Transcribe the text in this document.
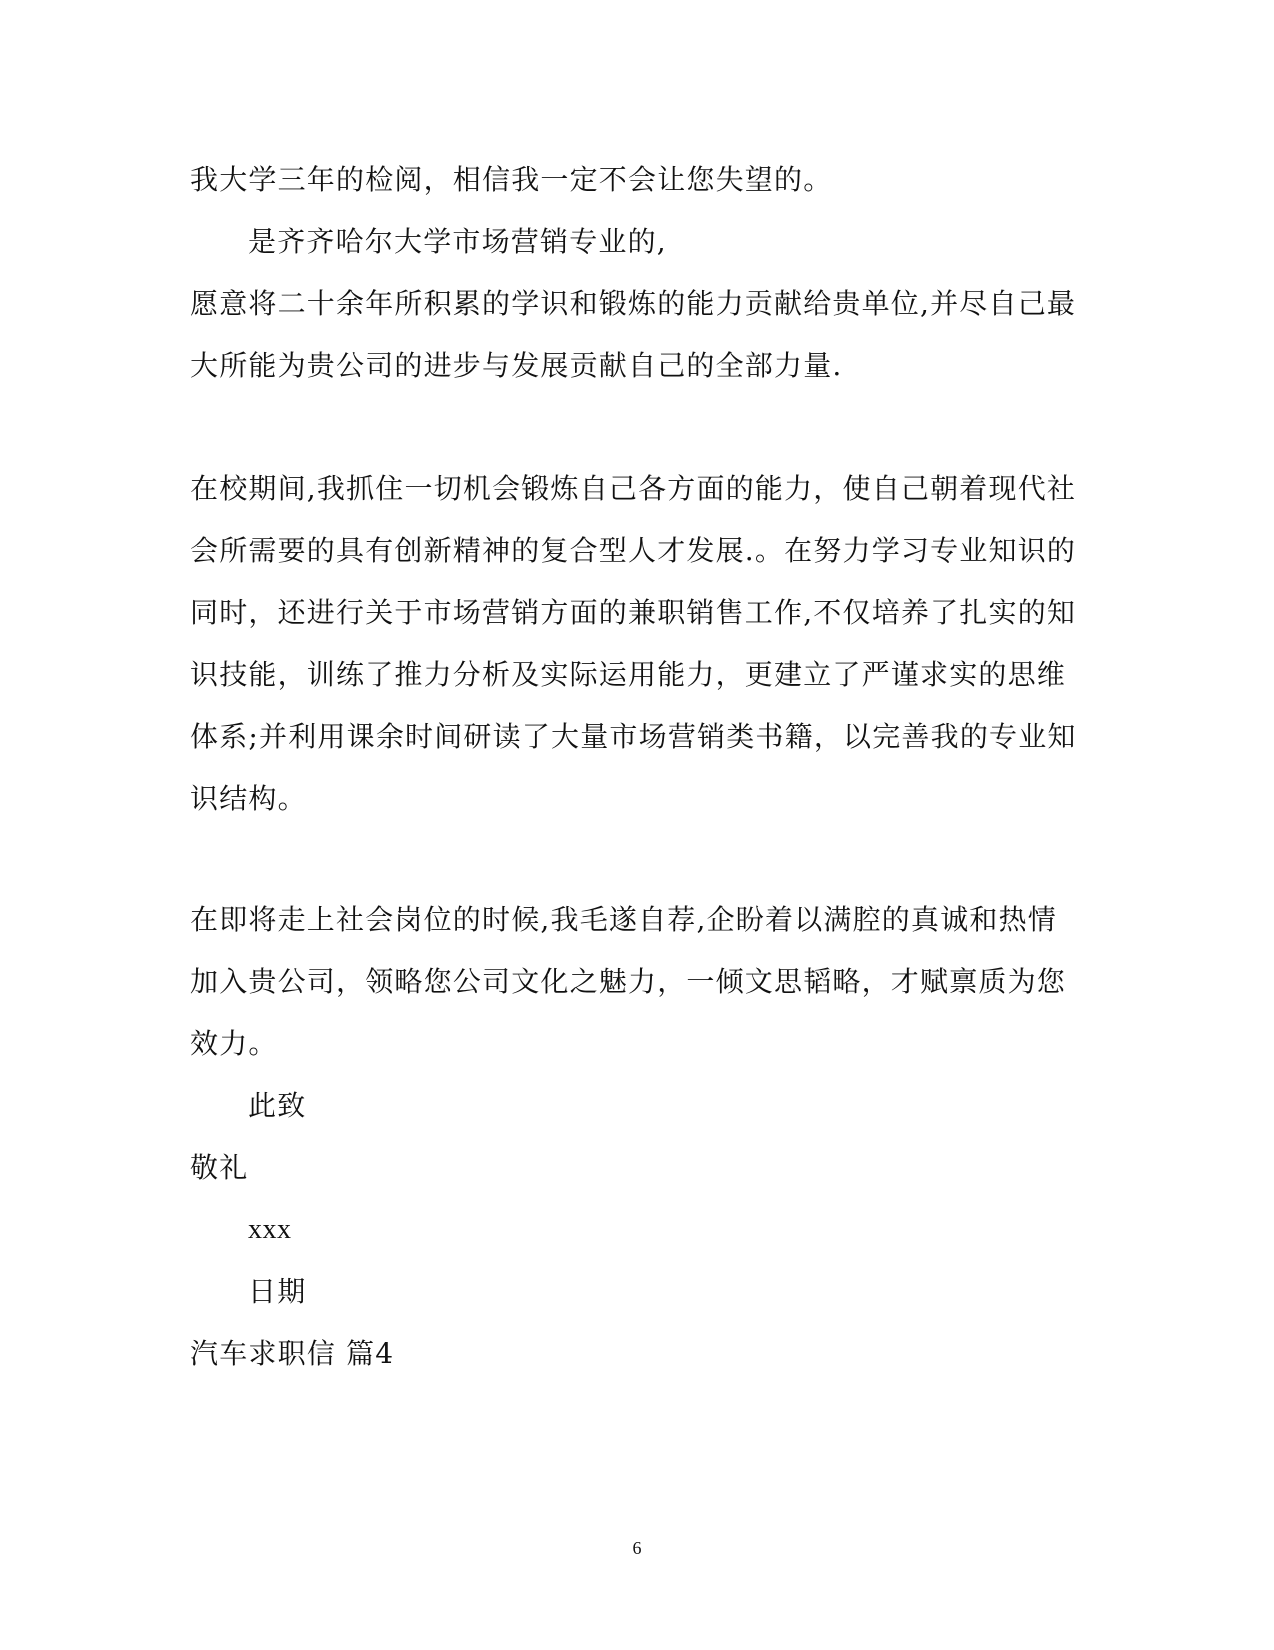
我大学三年的检阅，相信我一定不会让您失望的。
是齐齐哈尔大学市场营销专业的,
愿意将二十余年所积累的学识和锻炼的能力贡献给贵单位,并尽自己最
大所能为贵公司的进步与发展贡献自己的全部力量.
在校期间,我抓住一切机会锻炼自己各方面的能力，使自己朝着现代社
会所需要的具有创新精神的复合型人才发展.。在努力学习专业知识的
同时，还进行关于市场营销方面的兼职销售工作,不仅培养了扎实的知
识技能，训练了推力分析及实际运用能力，更建立了严谨求实的思维
体系;并利用课余时间研读了大量市场营销类书籍，以完善我的专业知
识结构。
在即将走上社会岗位的时候,我毛遂自荐,企盼着以满腔的真诚和热情
加入贵公司，领略您公司文化之魅力，一倾文思韬略，才赋禀质为您
效力。
此致
敬礼
xxx
日期
汽车求职信 篇4
6
